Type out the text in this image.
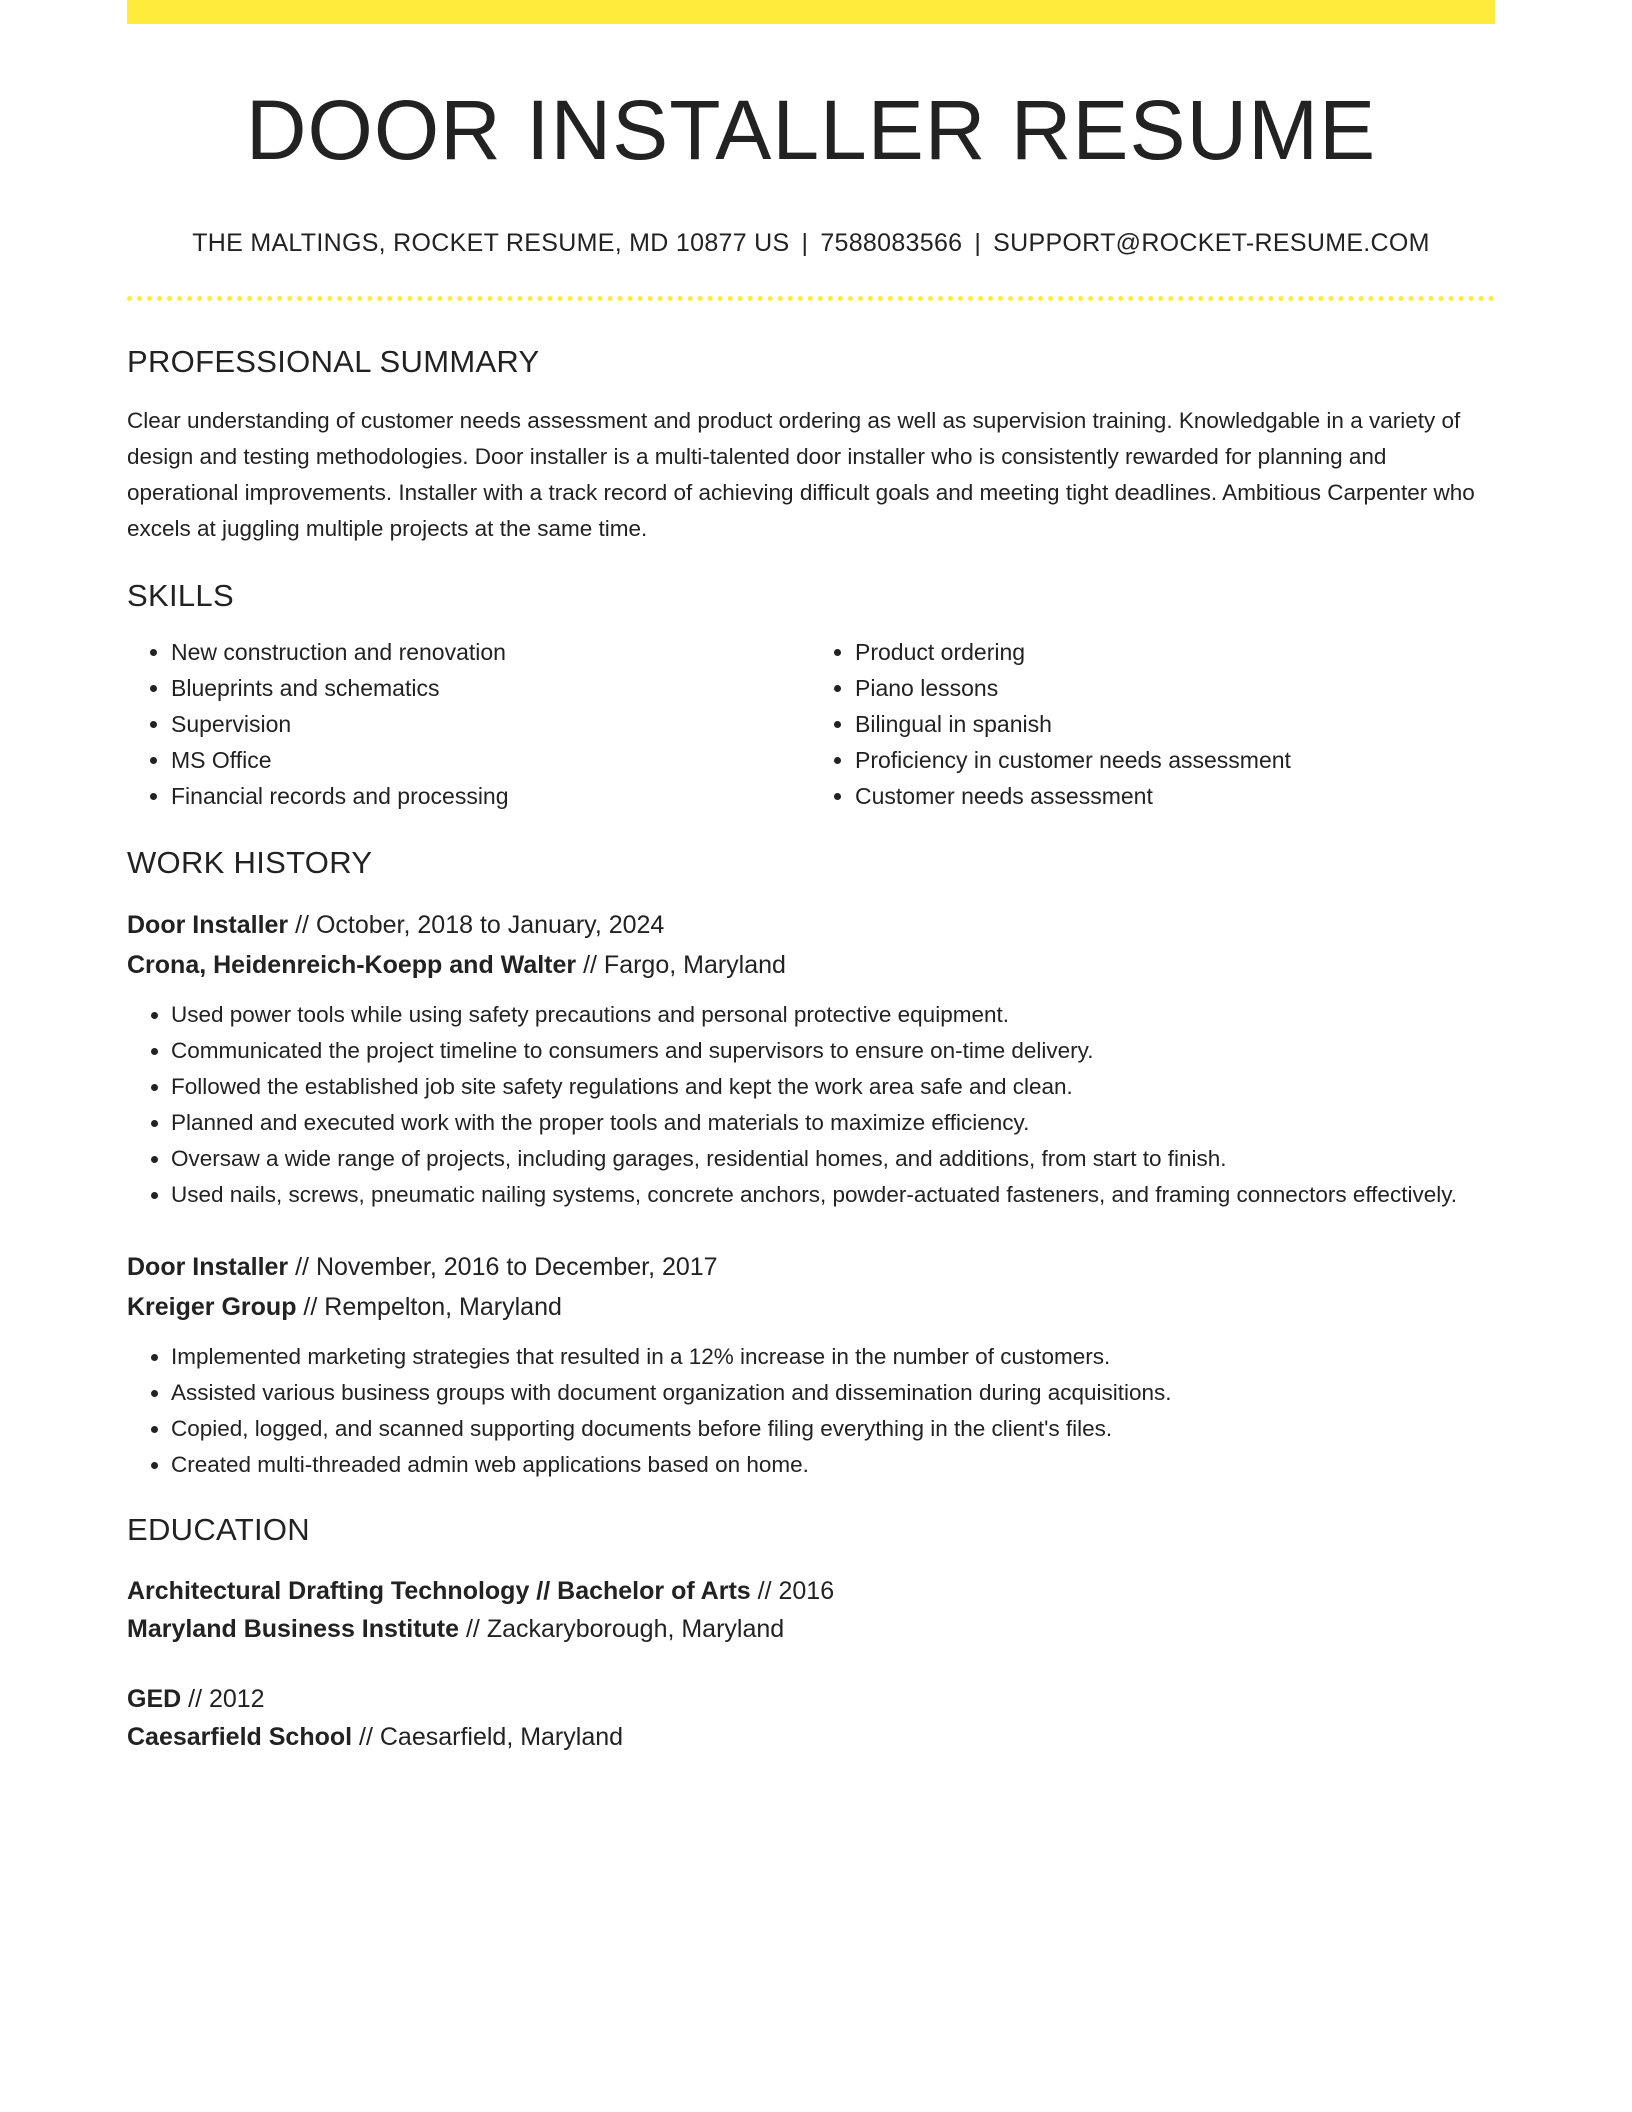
DOOR INSTALLER RESUME
THE MALTINGS, ROCKET RESUME, MD 10877 US | 7588083566 | SUPPORT@ROCKET-RESUME.COM
PROFESSIONAL SUMMARY

Clear understanding of customer needs assessment and product ordering as well as supervision training. Knowledgable in a variety of design and testing methodologies. Door installer is a multi-talented door installer who is consistently rewarded for planning and operational improvements. Installer with a track record of achieving difficult goals and meeting tight deadlines. Ambitious Carpenter who excels at juggling multiple projects at the same time.

SKILLS
• New construction and renovation
• Blueprints and schematics
• Supervision
• MS Office
• Financial records and processing
• Product ordering
• Piano lessons
• Bilingual in spanish
• Proficiency in customer needs assessment
• Customer needs assessment
WORK HISTORY
Door Installer // October, 2018 to January, 2024
Crona, Heidenreich-Koepp and Walter // Fargo, Maryland
• Used power tools while using safety precautions and personal protective equipment.
• Communicated the project timeline to consumers and supervisors to ensure on-time delivery.
• Followed the established job site safety regulations and kept the work area safe and clean.
• Planned and executed work with the proper tools and materials to maximize efficiency.
• Oversaw a wide range of projects, including garages, residential homes, and additions, from start to finish.
• Used nails, screws, pneumatic nailing systems, concrete anchors, powder-actuated fasteners, and framing connectors effectively.
Door Installer // November, 2016 to December, 2017
Kreiger Group // Rempelton, Maryland
• Implemented marketing strategies that resulted in a 12% increase in the number of customers.
• Assisted various business groups with document organization and dissemination during acquisitions.
• Copied, logged, and scanned supporting documents before filing everything in the client's files.
• Created multi-threaded admin web applications based on home.
EDUCATION
Architectural Drafting Technology // Bachelor of Arts // 2016
Maryland Business Institute // Zackaryborough, Maryland
GED // 2012
Caesarfield School // Caesarfield, Maryland
